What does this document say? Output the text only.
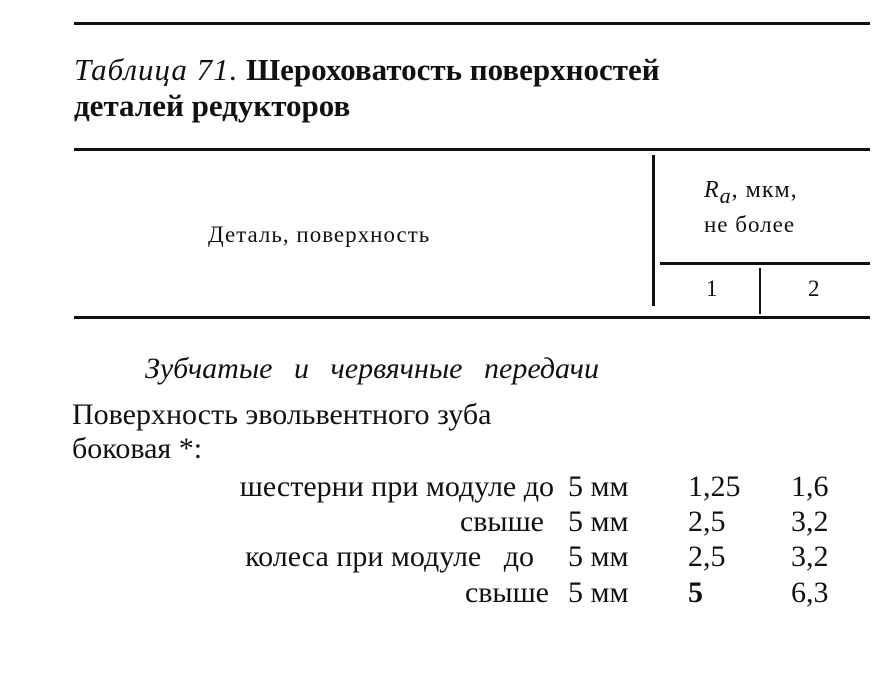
Таблица 71. Шероховатость поверхностей
деталей редукторов
Деталь, поверхность
$R_a$, мкм,
не более
1	2
Зубчатые и червячные передачи
Поверхность эвольвентного зуба
боковая *:
шестерни при модуле до 5 мм 1,25 1,6
свыше 5 мм 2,5 3,2
колеса при модуле   до 5 мм 2,5 3,2
свыше 5 мм 5	6,3
